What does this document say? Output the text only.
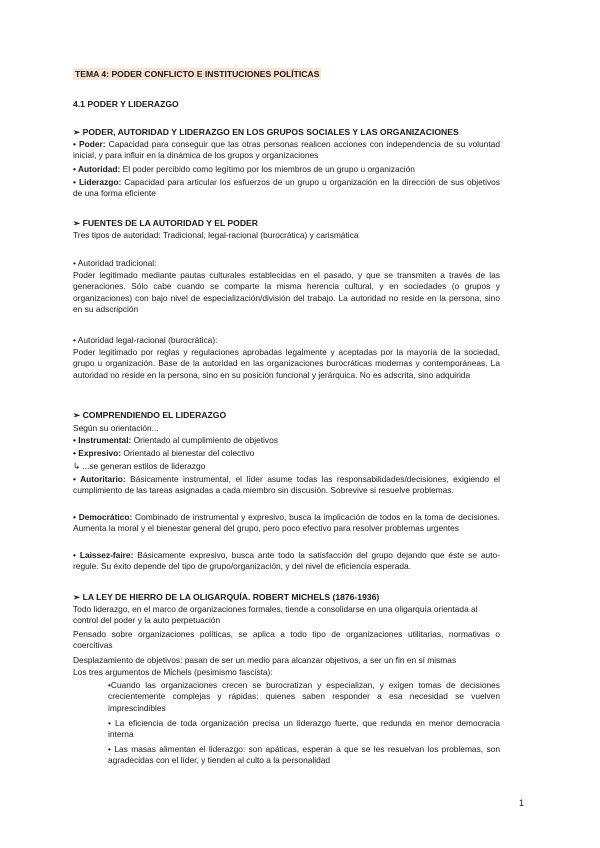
TEMA 4: PODER CONFLICTO E INSTITUCIONES POLÍTICAS
4.1 PODER Y LIDERAZGO
➢ PODER, AUTORIDAD Y LIDERAZGO EN LOS GRUPOS SOCIALES Y LAS ORGANIZACIONES
• Poder: Capacidad para conseguir que las otras personas realicen acciones con independencia de su voluntad inicial, y para influir en la dinámica de los grupos y organizaciones
• Autoridad: El poder percibido como legítimo por los miembros de un grupo u organización
• Liderazgo: Capacidad para articular los esfuerzos de un grupo u organización en la dirección de sus objetivos de una forma eficiente
➢ FUENTES DE LA AUTORIDAD Y EL PODER
Tres tipos de autoridad: Tradicional, legal-racional (burocrática) y carismática
• Autoridad tradicional:
Poder legitimado mediante pautas culturales establecidas en el pasado, y que se transmiten a través de las generaciones. Sólo cabe cuando se comparte la misma herencia cultural, y en sociedades (o grupos y organizaciones) con bajo nivel de especialización/división del trabajo. La autoridad no reside en la persona, sino en su adscripción
• Autoridad legal-racional (burocrática):
Poder legitimado por reglas y regulaciones aprobadas legalmente y aceptadas por la mayoría de la sociedad, grupo u organización. Base de la autoridad en las organizaciones burocráticas modernas y contemporáneas. La autoridad no reside en la persona, sino en su posición funcional y jerárquica. No es adscrita, sino adquirida
➢ COMPRENDIENDO EL LIDERAZGO
Según su orientación...
• Instrumental: Orientado al cumplimiento de objetivos
• Expresivo: Orientado al bienestar del colectivo
↳ ...se generan estilos de liderazgo
• Autoritario: Básicamente instrumental, el líder asume todas las responsabilidades/decisiones, exigiendo el cumplimiento de las tareas asignadas a cada miembro sin discusión. Sobrevive si resuelve problemas.
• Democrático: Combinado de instrumental y expresivo, busca la implicación de todos en la toma de decisiones. Aumenta la moral y el bienestar general del grupo, pero poco efectivo para resolver problemas urgentes
• Laissez-faire: Básicamente expresivo, busca ante todo la satisfacción del grupo dejando que éste se auto-regule. Su éxito depende del tipo de grupo/organización, y del nivel de eficiencia esperada.
➢ LA LEY DE HIERRO DE LA OLIGARQUÍA. ROBERT MICHELS (1876-1936)
Todo liderazgo, en el marco de organizaciones formales, tiende a consolidarse en una oligarquía orientada al control del poder y la auto perpetuación
Pensado sobre organizaciones políticas, se aplica a todo tipo de organizaciones utilitarias, normativas o coercitivas
Desplazamiento de objetivos: pasan de ser un medio para alcanzar objetivos, a ser un fin en sí mismas
Los tres argumentos de Michels (pesimismo fascista):
•Cuando las organizaciones crecen se burocratizan y especializan, y exigen tomas de decisiones crecientemente complejas y rápidas: quienes saben responder a esa necesidad se vuelven imprescindibles
• La eficiencia de toda organización precisa un liderazgo fuerte, que redunda en menor democracia interna
• Las masas alimentan el liderazgo: son apáticas, esperan a que se les resuelvan los problemas, son agradecidas con el líder, y tienden al culto a la personalidad
1
